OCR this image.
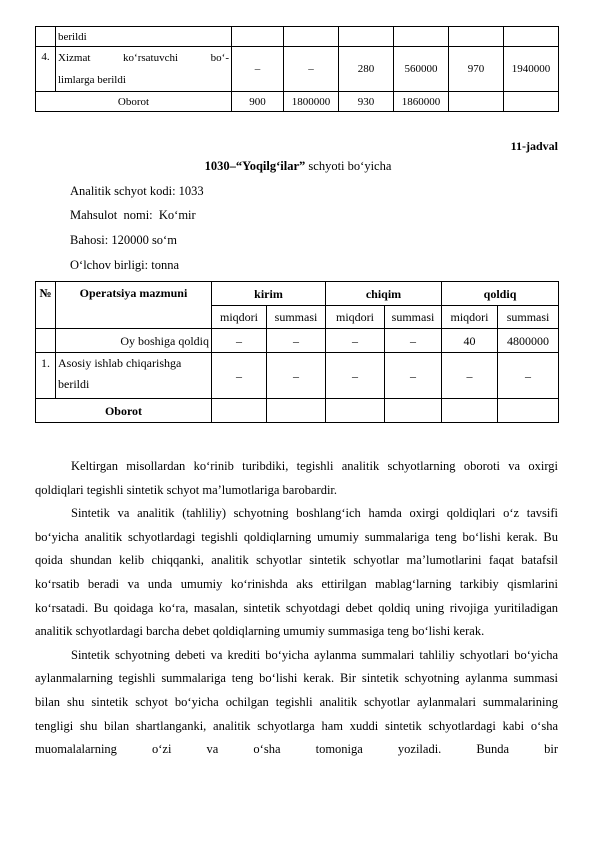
	berildi						
4.	Xizmat ko‘rsatuvchi bo‘-
limlarga berildi	–	–	280	560000	970	1940000
Oborot		900	1800000	930	1860000		
11-jadval
1030–“Yoqilg‘ilar” schyoti bo‘yicha
Analitik schyot kodi: 1033
Mahsulot  nomi:  Ko‘mir
Bahosi: 120000 so‘m
O‘lchov birligi: tonna
№	Operatsiya mazmuni	kirim		chiqim		qoldiq	
		miqdori	summasi	miqdori	summasi	miqdori	summasi
	Oy boshiga qoldiq	–	–	–	–	40	4800000
1.	Asosiy ishlab chiqarishga
berildi	–	–	–	–	–	–
Oborot							

Keltirgan misollardan ko‘rinib turibdiki, tegishli analitik schyotlarning oboroti va oxirgi qoldiqlari tegishli sintetik schyot ma’lumotlariga barobardir.

Sintetik va analitik (tahliliy) schyotning boshlang‘ich hamda oxirgi qoldiqlari o‘z tavsifi bo‘yicha analitik schyotlardagi tegishli qoldiqlarning umumiy summalariga teng bo‘lishi kerak. Bu qoida shundan kelib chiqqanki, analitik schyotlar sintetik schyotlar ma’lumotlarini faqat batafsil ko‘rsatib beradi va unda umumiy ko‘rinishda aks ettirilgan mablag‘larning tarkibiy qismlarini ko‘rsatadi. Bu qoidaga ko‘ra, masalan, sintetik schyotdagi debet qoldiq uning rivojiga yuritiladigan analitik schyotlardagi barcha debet qoldiqlarning umumiy summasiga teng bo‘lishi kerak.

Sintetik schyotning debeti va krediti bo‘yicha aylanma summalari tahliliy schyotlari bo‘yicha aylanmalarning tegishli summalariga teng bo‘lishi kerak. Bir sintetik schyotning aylanma summasi bilan shu sintetik schyot bo‘yicha ochilgan tegishli analitik schyotlar aylanmalari summalarining tengligi shu bilan shartlanganki, analitik schyotlarga ham xuddi sintetik schyotlardagi kabi o‘sha muomalalarning o‘zi va o‘sha tomoniga yoziladi. Bunda bir
